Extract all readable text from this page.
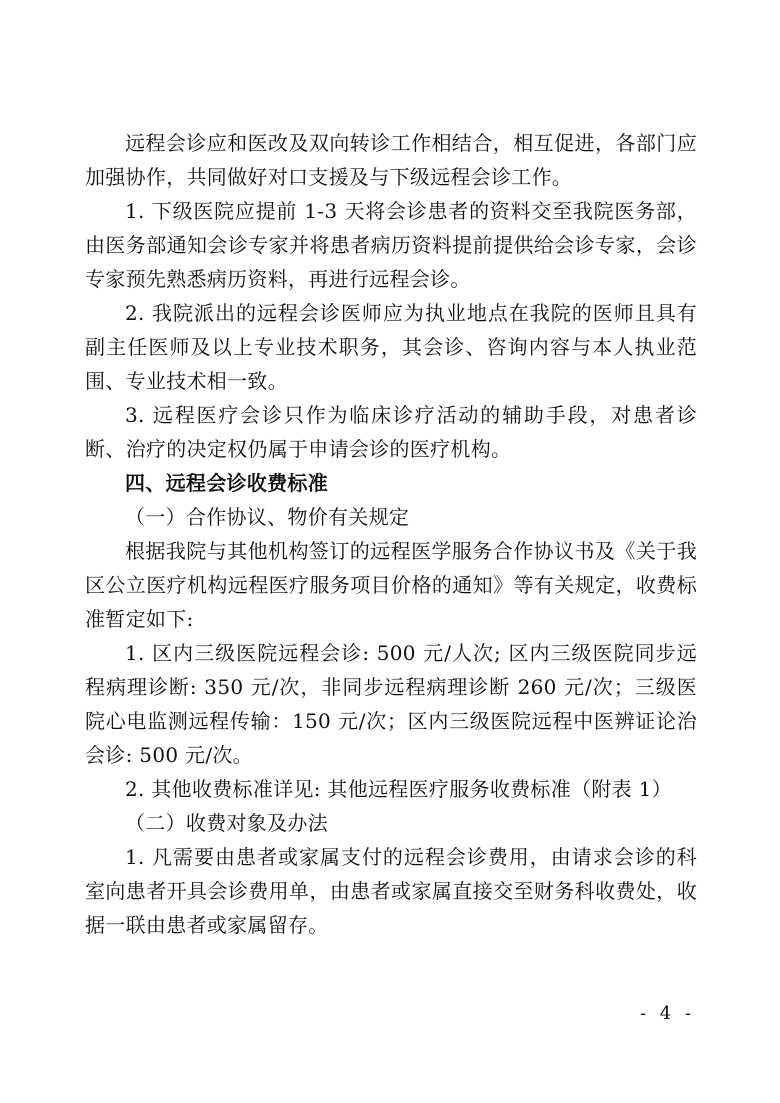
远程会诊应和医改及双向转诊工作相结合，相互促进，各部门应加强协作，共同做好对口支援及与下级远程会诊工作。

1. 下级医院应提前 1-3 天将会诊患者的资料交至我院医务部，由医务部通知会诊专家并将患者病历资料提前提供给会诊专家，会诊专家预先熟悉病历资料，再进行远程会诊。

2. 我院派出的远程会诊医师应为执业地点在我院的医师且具有副主任医师及以上专业技术职务，其会诊、咨询内容与本人执业范围、专业技术相一致。

3. 远程医疗会诊只作为临床诊疗活动的辅助手段，对患者诊断、治疗的决定权仍属于申请会诊的医疗机构。

四、远程会诊收费标准

（一）合作协议、物价有关规定

根据我院与其他机构签订的远程医学服务合作协议书及《关于我区公立医疗机构远程医疗服务项目价格的通知》等有关规定，收费标准暂定如下:

1. 区内三级医院远程会诊: 500 元/人次; 区内三级医院同步远程病理诊断: 350 元/次，非同步远程病理诊断 260 元/次；三级医院心电监测远程传输：150 元/次；区内三级医院远程中医辨证论治会诊: 500 元/次。

2. 其他收费标准详见: 其他远程医疗服务收费标准（附表 1）

（二）收费对象及办法

1. 凡需要由患者或家属支付的远程会诊费用，由请求会诊的科室向患者开具会诊费用单，由患者或家属直接交至财务科收费处，收据一联由患者或家属留存。

- 4 -
